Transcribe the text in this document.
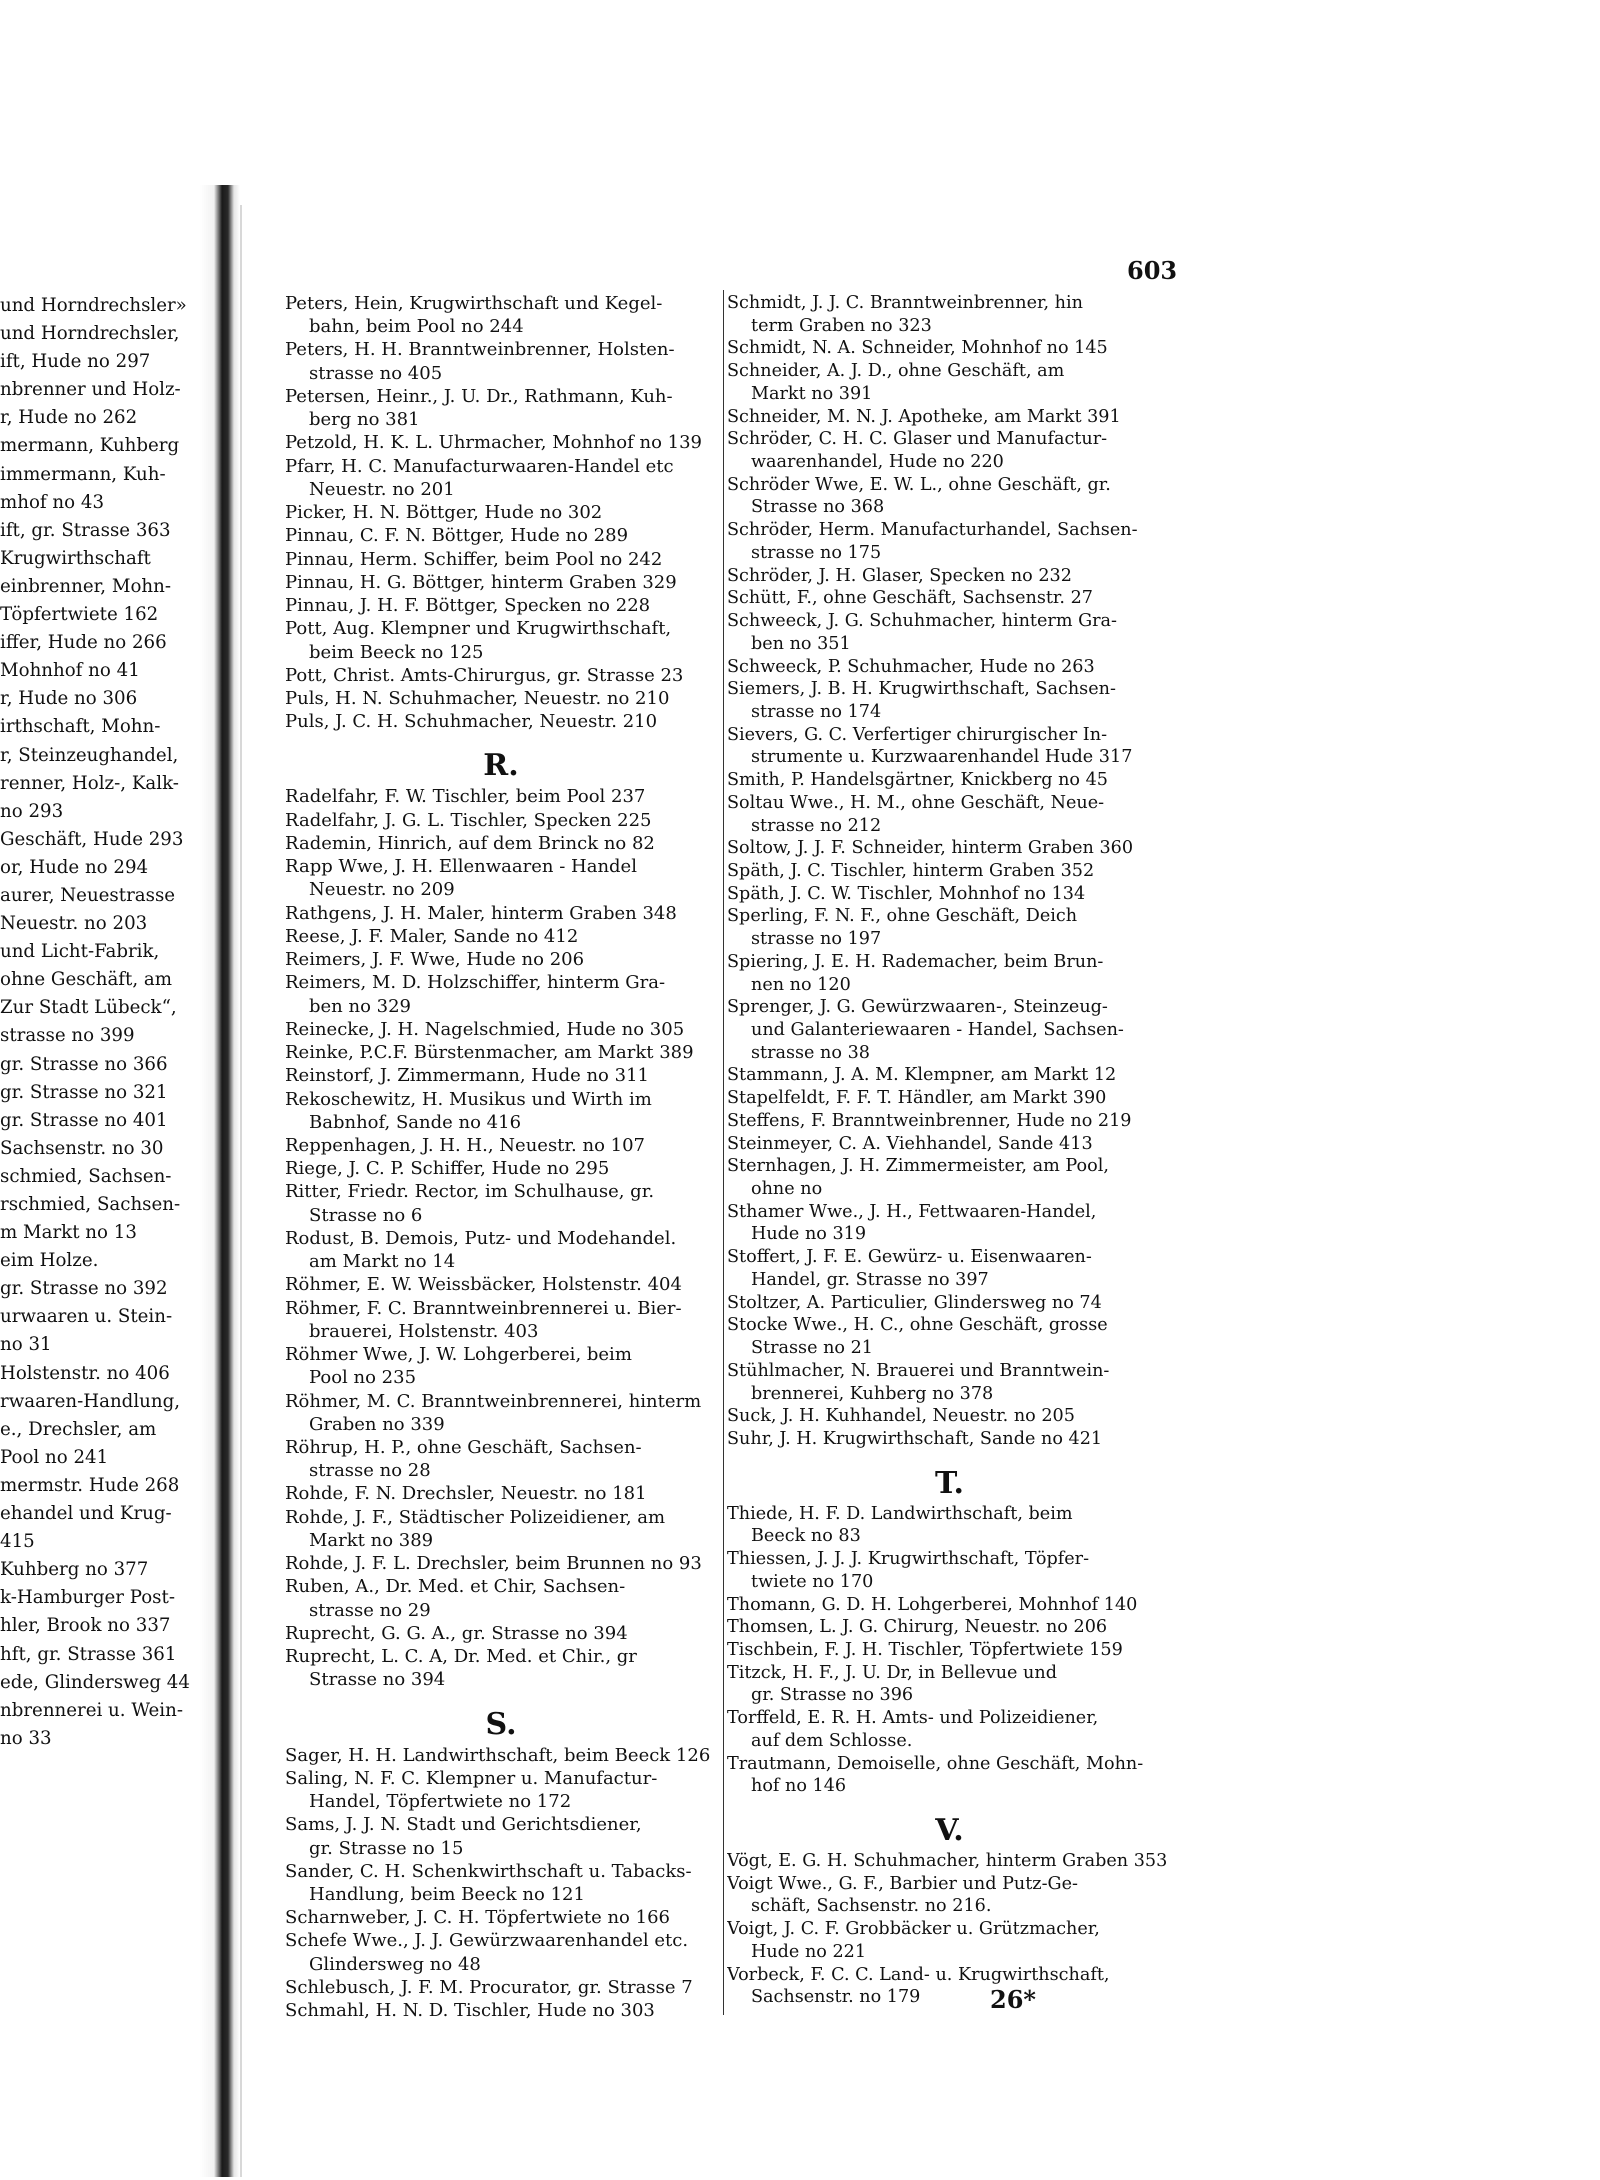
und Horndrechsler»
und Horndrechsler,
ift, Hude no 297
nbrenner und Holz-
r, Hude no 262
mermann, Kuhberg
immermann, Kuh-
mhof no 43
ift, gr. Strasse 363
Krugwirthschaft
einbrenner, Mohn-
Töpfertwiete 162
iffer, Hude no 266
Mohnhof no 41
r, Hude no 306
irthschaft, Mohn-
r, Steinzeughandel,
renner, Holz-, Kalk-
no 293
Geschäft, Hude 293
or, Hude no 294
aurer, Neuestrasse
Neuestr. no 203
und Licht-Fabrik,
ohne Geschäft, am
Zur Stadt Lübeck“,
strasse no 399
gr. Strasse no 366
gr. Strasse no 321
gr. Strasse no 401
Sachsenstr. no 30
schmied, Sachsen-
rschmied, Sachsen-
m Markt no 13
eim Holze.
gr. Strasse no 392
urwaaren u. Stein-
no 31
Holstenstr. no 406
rwaaren-Handlung,
e., Drechsler, am
Pool no 241
mermstr. Hude 268
ehandel und Krug-
415
Kuhberg no 377
k-Hamburger Post-
hler, Brook no 337
hft, gr. Strasse 361
ede, Glindersweg 44
nbrennerei u. Wein-
no 33
603
Peters, Hein, Krugwirthschaft und Kegel-
bahn, beim Pool no 244
Peters, H. H. Branntweinbrenner, Holsten-
strasse no 405
Petersen, Heinr., J. U. Dr., Rathmann, Kuh-
berg no 381
Petzold, H. K. L. Uhrmacher, Mohnhof no 139
Pfarr, H. C. Manufacturwaaren-Handel etc
Neuestr. no 201
Picker, H. N. Böttger, Hude no 302
Pinnau, C. F. N. Böttger, Hude no 289
Pinnau, Herm. Schiffer, beim Pool no 242
Pinnau, H. G. Böttger, hinterm Graben 329
Pinnau, J. H. F. Böttger, Specken no 228
Pott, Aug. Klempner und Krugwirthschaft,
beim Beeck no 125
Pott, Christ. Amts-Chirurgus, gr. Strasse 23
Puls, H. N. Schuhmacher, Neuestr. no 210
Puls, J. C. H. Schuhmacher, Neuestr. 210
R.
Radelfahr, F. W. Tischler, beim Pool 237
Radelfahr, J. G. L. Tischler, Specken 225
Rademin, Hinrich, auf dem Brinck no 82
Rapp Wwe, J. H. Ellenwaaren - Handel
Neuestr. no 209
Rathgens, J. H. Maler, hinterm Graben 348
Reese, J. F. Maler, Sande no 412
Reimers, J. F. Wwe, Hude no 206
Reimers, M. D. Holzschiffer, hinterm Gra-
ben no 329
Reinecke, J. H. Nagelschmied, Hude no 305
Reinke, P.C.F. Bürstenmacher, am Markt 389
Reinstorf, J. Zimmermann, Hude no 311
Rekoschewitz, H. Musikus und Wirth im
Babnhof, Sande no 416
Reppenhagen, J. H. H., Neuestr. no 107
Riege, J. C. P. Schiffer, Hude no 295
Ritter, Friedr. Rector, im Schulhause, gr.
Strasse no 6
Rodust, B. Demois, Putz- und Modehandel.
am Markt no 14
Röhmer, E. W. Weissbäcker, Holstenstr. 404
Röhmer, F. C. Branntweinbrennerei u. Bier-
brauerei, Holstenstr. 403
Röhmer Wwe, J. W. Lohgerberei, beim
Pool no 235
Röhmer, M. C. Branntweinbrennerei, hinterm
Graben no 339
Röhrup, H. P., ohne Geschäft, Sachsen-
strasse no 28
Rohde, F. N. Drechsler, Neuestr. no 181
Rohde, J. F., Städtischer Polizeidiener, am
Markt no 389
Rohde, J. F. L. Drechsler, beim Brunnen no 93
Ruben, A., Dr. Med. et Chir, Sachsen-
strasse no 29
Ruprecht, G. G. A., gr. Strasse no 394
Ruprecht, L. C. A, Dr. Med. et Chir., gr
Strasse no 394
S.
Sager, H. H. Landwirthschaft, beim Beeck 126
Saling, N. F. C. Klempner u. Manufactur-
Handel, Töpfertwiete no 172
Sams, J. J. N. Stadt und Gerichtsdiener,
gr. Strasse no 15
Sander, C. H. Schenkwirthschaft u. Tabacks-
Handlung, beim Beeck no 121
Scharnweber, J. C. H. Töpfertwiete no 166
Schefe Wwe., J. J. Gewürzwaarenhandel etc.
Glindersweg no 48
Schlebusch, J. F. M. Procurator, gr. Strasse 7
Schmahl, H. N. D. Tischler, Hude no 303
Schmidt, J. J. C. Branntweinbrenner, hin
term Graben no 323
Schmidt, N. A. Schneider, Mohnhof no 145
Schneider, A. J. D., ohne Geschäft, am
Markt no 391
Schneider, M. N. J. Apotheke, am Markt 391
Schröder, C. H. C. Glaser und Manufactur-
waarenhandel, Hude no 220
Schröder Wwe, E. W. L., ohne Geschäft, gr.
Strasse no 368
Schröder, Herm. Manufacturhandel, Sachsen-
strasse no 175
Schröder, J. H. Glaser, Specken no 232
Schütt, F., ohne Geschäft, Sachsenstr. 27
Schweeck, J. G. Schuhmacher, hinterm Gra-
ben no 351
Schweeck, P. Schuhmacher, Hude no 263
Siemers, J. B. H. Krugwirthschaft, Sachsen-
strasse no 174
Sievers, G. C. Verfertiger chirurgischer In-
strumente u. Kurzwaarenhandel Hude 317
Smith, P. Handelsgärtner, Knickberg no 45
Soltau Wwe., H. M., ohne Geschäft, Neue-
strasse no 212
Soltow, J. J. F. Schneider, hinterm Graben 360
Späth, J. C. Tischler, hinterm Graben 352
Späth, J. C. W. Tischler, Mohnhof no 134
Sperling, F. N. F., ohne Geschäft, Deich
strasse no 197
Spiering, J. E. H. Rademacher, beim Brun-
nen no 120
Sprenger, J. G. Gewürzwaaren-, Steinzeug-
und Galanteriewaaren - Handel, Sachsen-
strasse no 38
Stammann, J. A. M. Klempner, am Markt 12
Stapelfeldt, F. F. T. Händler, am Markt 390
Steffens, F. Branntweinbrenner, Hude no 219
Steinmeyer, C. A. Viehhandel, Sande 413
Sternhagen, J. H. Zimmermeister, am Pool,
ohne no
Sthamer Wwe., J. H., Fettwaaren-Handel,
Hude no 319
Stoffert, J. F. E. Gewürz- u. Eisenwaaren-
Handel, gr. Strasse no 397
Stoltzer, A. Particulier, Glindersweg no 74
Stocke Wwe., H. C., ohne Geschäft, grosse
Strasse no 21
Stühlmacher, N. Brauerei und Branntwein-
brennerei, Kuhberg no 378
Suck, J. H. Kuhhandel, Neuestr. no 205
Suhr, J. H. Krugwirthschaft, Sande no 421
T.
Thiede, H. F. D. Landwirthschaft, beim
Beeck no 83
Thiessen, J. J. J. Krugwirthschaft, Töpfer-
twiete no 170
Thomann, G. D. H. Lohgerberei, Mohnhof 140
Thomsen, L. J. G. Chirurg, Neuestr. no 206
Tischbein, F. J. H. Tischler, Töpfertwiete 159
Titzck, H. F., J. U. Dr, in Bellevue und
gr. Strasse no 396
Torffeld, E. R. H. Amts- und Polizeidiener,
auf dem Schlosse.
Trautmann, Demoiselle, ohne Geschäft, Mohn-
hof no 146
V.
Vögt, E. G. H. Schuhmacher, hinterm Graben 353
Voigt Wwe., G. F., Barbier und Putz-Ge-
schäft, Sachsenstr. no 216.
Voigt, J. C. F. Grobbäcker u. Grützmacher,
Hude no 221
Vorbeck, F. C. C. Land- u. Krugwirthschaft,
Sachsenstr. no 179	26*
